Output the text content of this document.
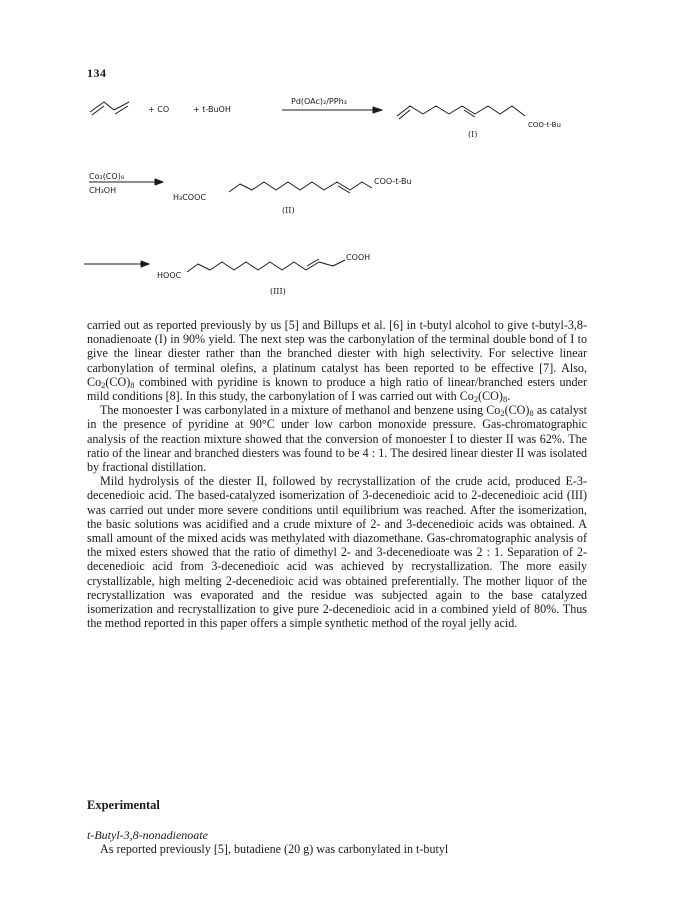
134
+ CO	+ t-BuOH
Pd(OAc)₂/PPh₃
COO-t-Bu
(I)
Co₂(CO)₈
CH₃OH
H₃COOC
COO-t-Bu
(II)
HOOC
COOH
(III)

carried out as reported previously by us [5] and Billups et al. [6] in t-butyl alcohol to give t-butyl-3,8-nonadienoate (I) in 90% yield. The next step was the carbonylation of the terminal double bond of I to give the linear diester rather than the branched diester with high selectivity. For selective linear carbonylation of terminal olefins, a platinum catalyst has been reported to be effective [7]. Also, $Co_2(CO)_8$ combined with pyridine is known to produce a high ratio of linear/branched esters under mild conditions [8]. In this study, the carbonylation of I was carried out with $Co_2(CO)_8$.

The monoester I was carbonylated in a mixture of methanol and benzene using $Co_2(CO)_8$ as catalyst in the presence of pyridine at 90°C under low carbon monoxide pressure. Gas-chromatographic analysis of the reaction mixture showed that the conversion of monoester I to diester II was 62%. The ratio of the linear and branched diesters was found to be 4 : 1. The desired linear diester II was isolated by fractional distillation.

Mild hydrolysis of the diester II, followed by recrystallization of the crude acid, produced E-3-decenedioic acid. The based-catalyzed isomerization of 3-decenedioic acid to 2-decenedioic acid (III) was carried out under more severe conditions until equilibrium was reached. After the isomerization, the basic solutions was acidified and a crude mixture of 2- and 3-decenedioic acids was obtained. A small amount of the mixed acids was methylated with diazomethane. Gas-chromatographic analysis of the mixed esters showed that the ratio of dimethyl 2- and 3-decenedioate was 2 : 1. Separation of 2-decenedioic acid from 3-decenedioic acid was achieved by recrystallization. The more easily crystallizable, high melting 2-decenedioic acid was obtained preferentially. The mother liquor of the recrystallization was evaporated and the residue was subjected again to the base catalyzed isomerization and recrystallization to give pure 2-decenedioic acid in a combined yield of 80%. Thus the method reported in this paper offers a simple synthetic method of the royal jelly acid.

Experimental
t-Butyl-3,8-nonadienoate

As reported previously [5], butadiene (20 g) was carbonylated in t-butyl
